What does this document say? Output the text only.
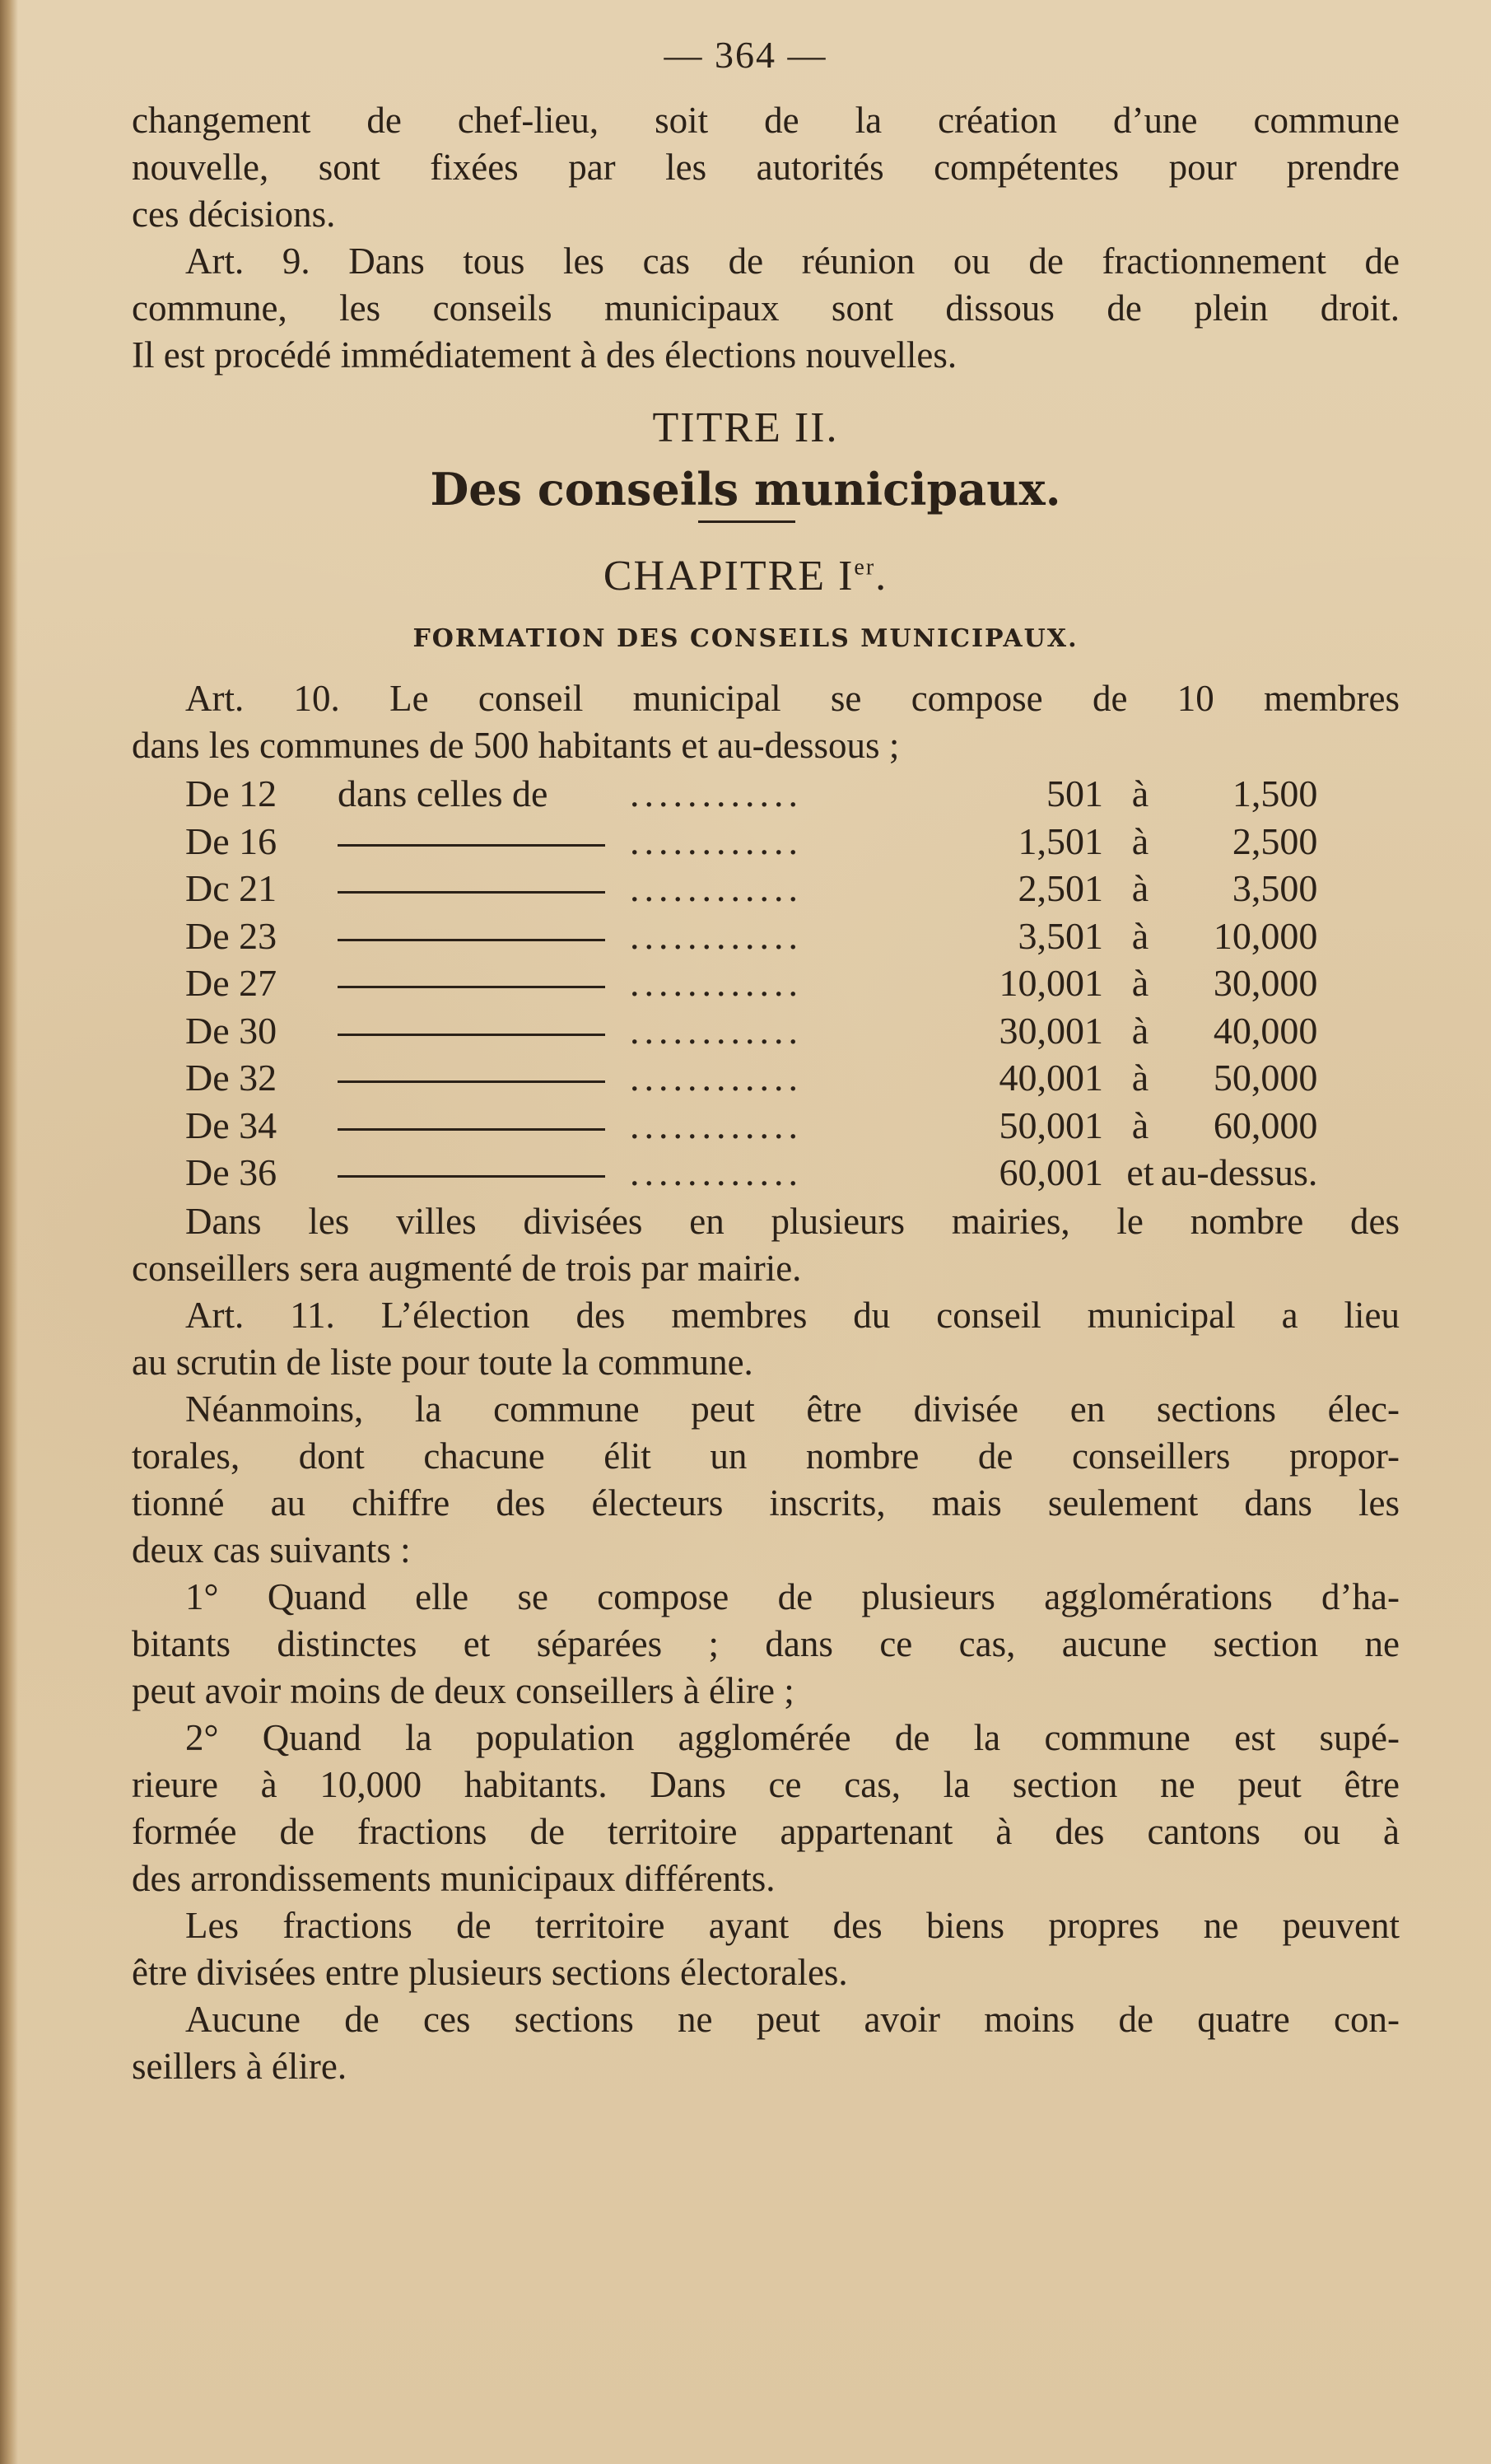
— 364 —
changement de chef-lieu, soit de la création d’une commune
nouvelle, sont fixées par les autorités compétentes pour prendre
ces décisions.
Art. 9. Dans tous les cas de réunion ou de fractionnement de
commune, les conseils municipaux sont dissous de plein droit.
Il est procédé immédiatement à des élections nouvelles.
TITRE II.
Des conseils municipaux.
CHAPITRE Ier.
FORMATION DES CONSEILS MUNICIPAUX.
Art. 10. Le conseil municipal se compose de 10 membres
dans les communes de 500 habitants et au-dessous ;
De 12	dans celles de	............	501	à	1,500
De 16		............	1,501	à	2,500
Dc 21		............	2,501	à	3,500
De 23		............	3,501	à	10,000
De 27		............	10,001	à	30,000
De 30		............	30,001	à	40,000
De 32		............	40,001	à	50,000
De 34		............	50,001	à	60,000
De 36		............	60,001	et	au-dessus.
Dans les villes divisées en plusieurs mairies, le nombre des
conseillers sera augmenté de trois par mairie.
Art. 11. L’élection des membres du conseil municipal a lieu
au scrutin de liste pour toute la commune.
Néanmoins, la commune peut être divisée en sections élec-
torales, dont chacune élit un nombre de conseillers propor-
tionné au chiffre des électeurs inscrits, mais seulement dans les
deux cas suivants :
1° Quand elle se compose de plusieurs agglomérations d’ha-
bitants distinctes et séparées ; dans ce cas, aucune section ne
peut avoir moins de deux conseillers à élire ;
2° Quand la population agglomérée de la commune est supé-
rieure à 10,000 habitants. Dans ce cas, la section ne peut être
formée de fractions de territoire appartenant à des cantons ou à
des arrondissements municipaux différents.
Les fractions de territoire ayant des biens propres ne peuvent
être divisées entre plusieurs sections électorales.
Aucune de ces sections ne peut avoir moins de quatre con-
seillers à élire.
